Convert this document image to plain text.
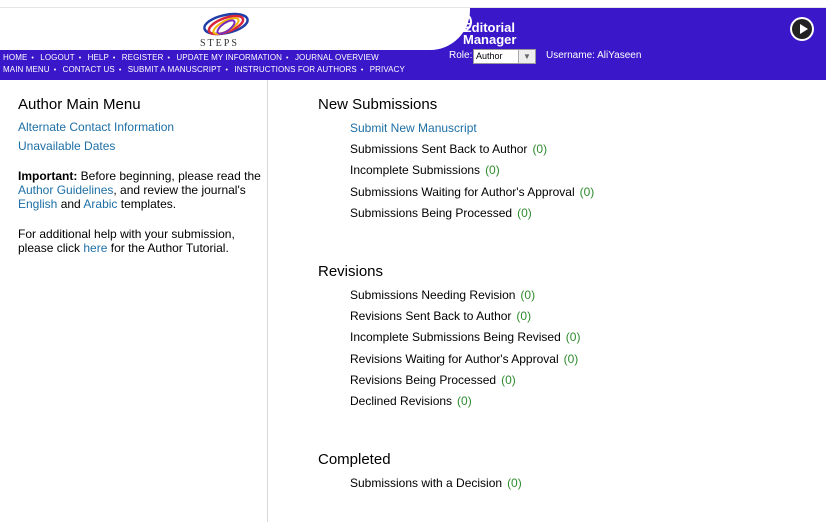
STEPS
HOME • LOGOUT • HELP • REGISTER • UPDATE MY INFORMATION • JOURNAL OVERVIEW
MAIN MENU • CONTACT US • SUBMIT A MANUSCRIPT • INSTRUCTIONS FOR AUTHORS • PRIVACY
em
Editorial
Manager
Role: Author	▼	Username: AliYaseen
Author Main Menu
Alternate Contact Information
Unavailable Dates
Important: Before beginning, please read the Author Guidelines, and review the journal's English and Arabic templates.
For additional help with your submission, please click here for the Author Tutorial.
New Submissions
Submit New Manuscript
Submissions Sent Back to Author (0)
Incomplete Submissions (0)
Submissions Waiting for Author's Approval (0)
Submissions Being Processed (0)
Revisions
Submissions Needing Revision (0)
Revisions Sent Back to Author (0)
Incomplete Submissions Being Revised (0)
Revisions Waiting for Author's Approval (0)
Revisions Being Processed (0)
Declined Revisions (0)
Completed
Submissions with a Decision (0)
